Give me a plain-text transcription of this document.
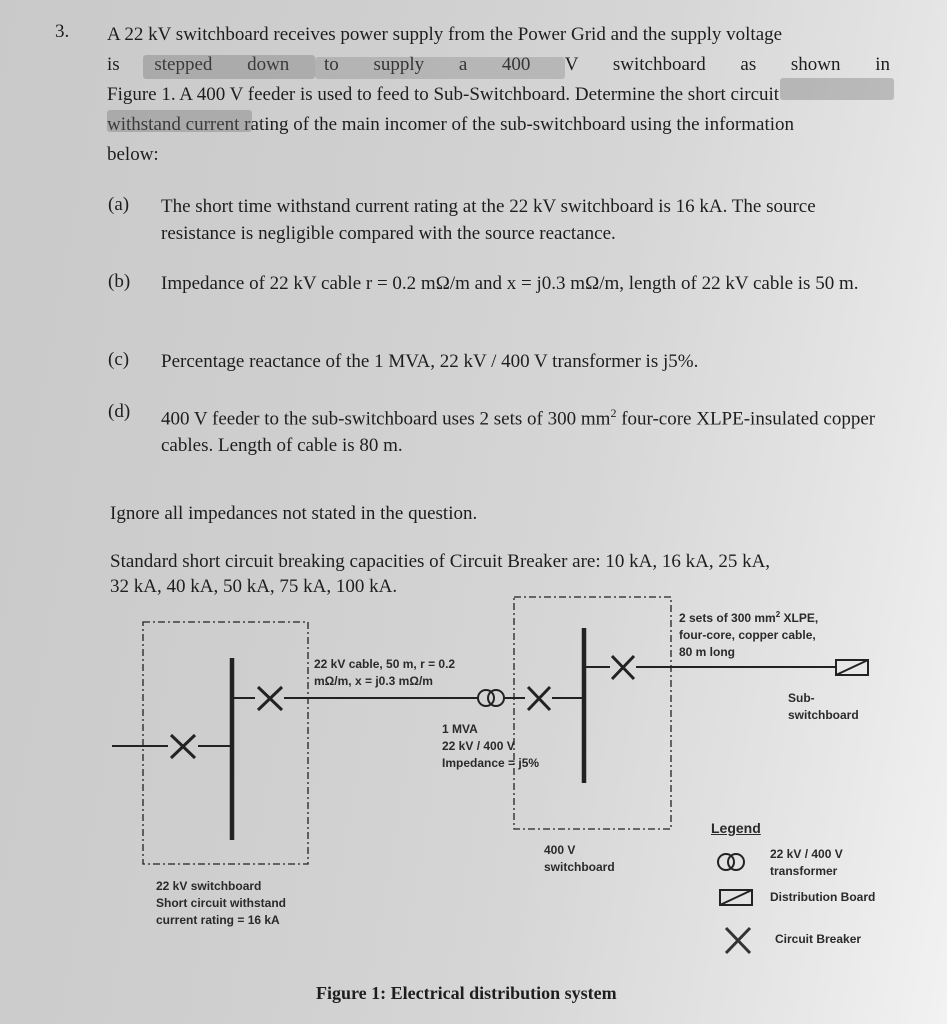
3. A 22 kV switchboard receives power supply from the Power Grid and the supply voltage

is stepped down to supply a 400 V switchboard as shown in

Figure 1. A 400 V feeder is used to feed to Sub-Switchboard. Determine the short circuit

withstand current rating of the main incomer of the sub-switchboard using the information

below:

(a) The short time withstand current rating at the 22 kV switchboard is 16 kA. The source resistance is negligible compared with the source reactance.
(b) Impedance of 22 kV cable r = 0.2 mΩ/m and x = j0.3 mΩ/m, length of 22 kV cable is 50 m.
(c) Percentage reactance of the 1 MVA, 22 kV / 400 V transformer is j5%.
(d) 400 V feeder to the sub-switchboard uses 2 sets of 300 $mm^2$ four-core XLPE-insulated copper cables. Length of cable is 80 m.
Ignore all impedances not stated in the question.
Standard short circuit breaking capacities of Circuit Breaker are: 10 kA, 16 kA, 25 kA,
32 kA, 40 kA, 50 kA, 75 kA, 100 kA.
22 kV cable, 50 m, r = 0.2
mΩ/m, x = j0.3 mΩ/m
1 MVA
22 kV / 400 V
Impedance = j5%
2 sets of 300 $mm^2$ XLPE,
four-core, copper cable,
80 m long
Sub-
switchboard
400 V
switchboard
22 kV switchboard
Short circuit withstand
current rating = 16 kA
Legend
22 kV / 400 V
transformer
Distribution Board
Circuit Breaker
Figure 1: Electrical distribution system
